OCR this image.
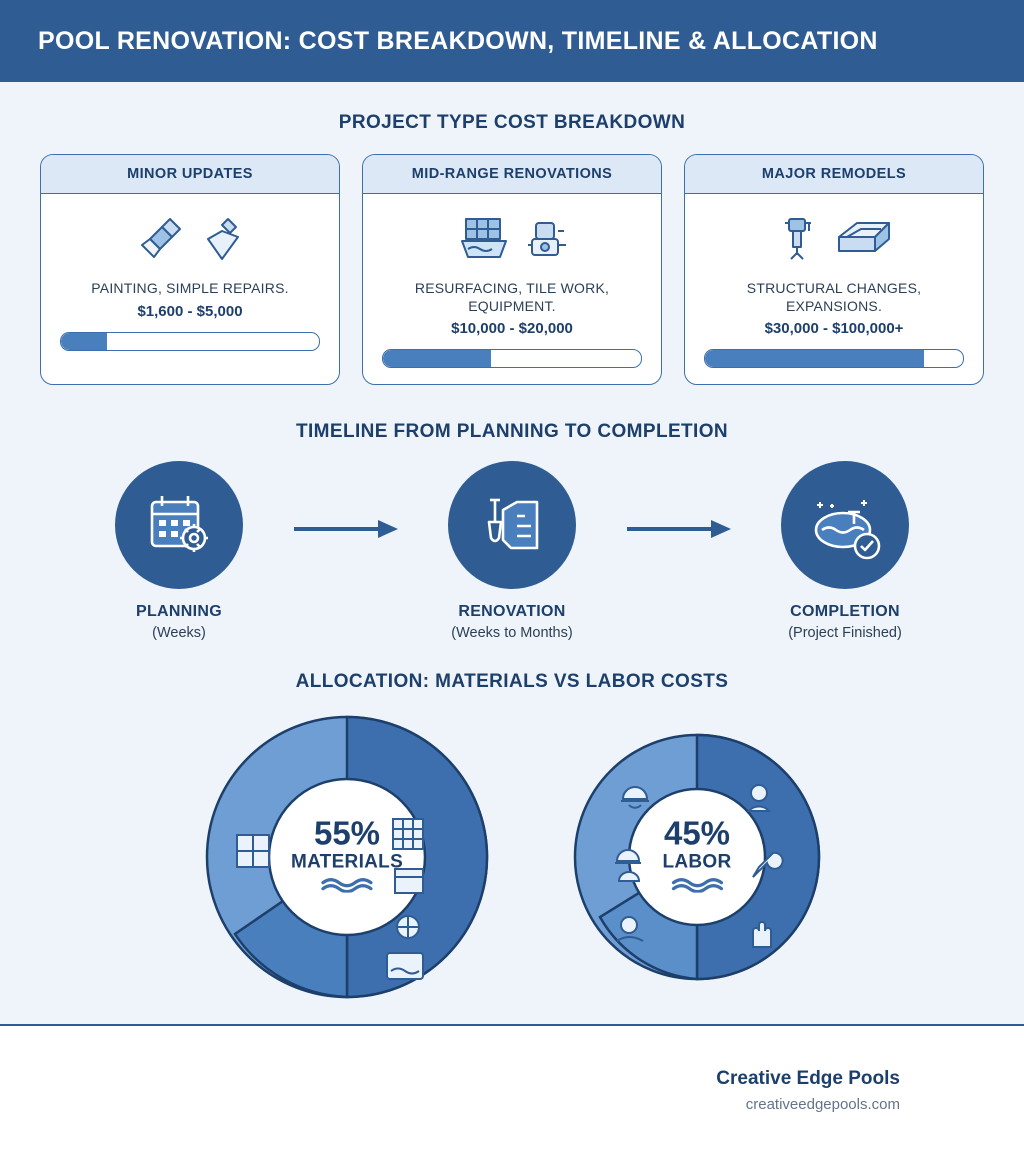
POOL RENOVATION: COST BREAKDOWN, TIMELINE & ALLOCATION
PROJECT TYPE COST BREAKDOWN
MINOR UPDATES
PAINTING, SIMPLE REPAIRS.
$1,600 - $5,000
MID-RANGE RENOVATIONS
RESURFACING, TILE WORK, EQUIPMENT.
$10,000 - $20,000
MAJOR REMODELS
STRUCTURAL CHANGES, EXPANSIONS.
$30,000 - $100,000+
TIMELINE FROM PLANNING TO COMPLETION
PLANNING
(Weeks)
RENOVATION
(Weeks to Months)
COMPLETION
(Project Finished)
ALLOCATION: MATERIALS VS LABOR COSTS
55%
MATERIALS
45%
LABOR
Creative Edge Pools
creativeedgepools.com
